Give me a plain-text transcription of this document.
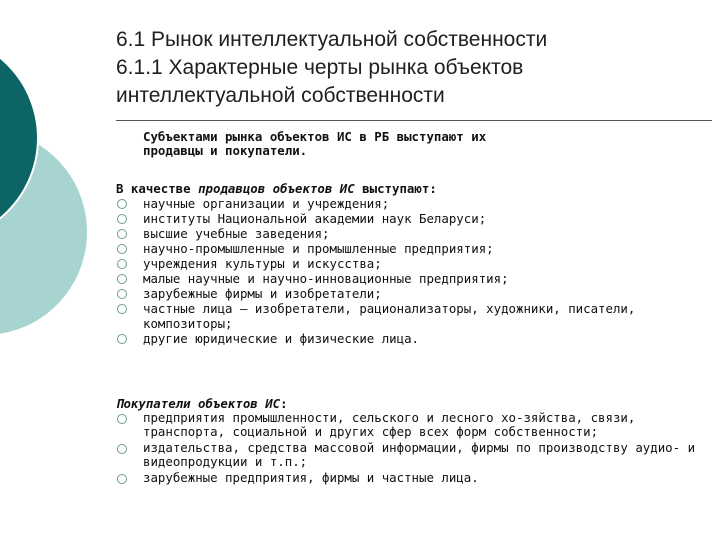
6.1 Рынок интеллектуальной собственности
6.1.1 Характерные черты рынка объектов
интеллектуальной собственности
Субъектами рынка объектов ИС в РБ выступают их
продавцы и покупатели.
В качестве продавцов объектов ИС выступают:
научные организации и учреждения;
институты Национальной академии наук Беларуси;
высшие учебные заведения;
научно-промышленные и промышленные предприятия;
учреждения культуры и искусства;
малые научные и научно-инновационные предприятия;
зарубежные фирмы и изобретатели;
частные лица — изобретатели, рационализаторы, художники, писатели, композиторы;
другие юридические и физические лица.
Покупатели объектов ИС:
предприятия промышленности, сельского и лесного хо-зяйства, связи, транспорта, социальной и других сфер всех форм собственности;
издательства, средства массовой информации, фирмы по производству аудио- и видеопродукции и т.п.;
зарубежные предприятия, фирмы и частные лица.
